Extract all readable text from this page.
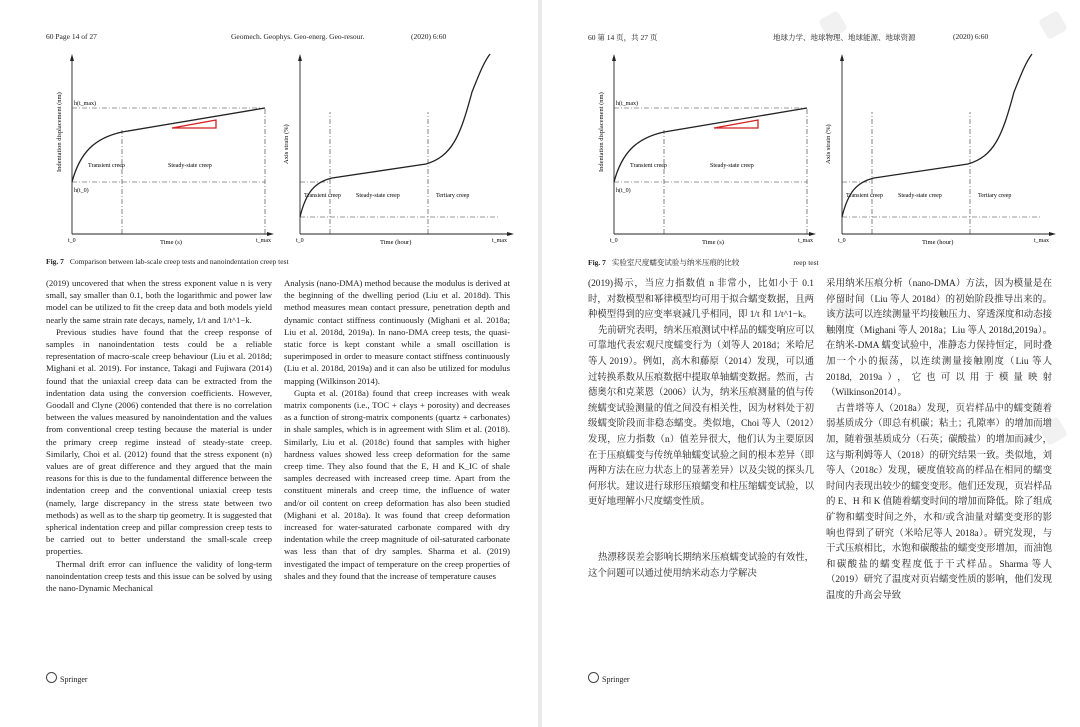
60 Page 14 of 27	Geomech. Geophys. Geo-energ. Geo-resour.	(2020) 6:60
Indentation displacement (nm) h(t_max)
h(t_0)
Transient creep	Steady-state creep
Time (s)
t_0	t_max
Axis strain (%)
Transient creep	Steady-state creep	Tertiary creep
Time (hour)
t_0	t_max
Fig. 7 Comparison between lab-scale creep tests and nanoindentation creep test

(2019) uncovered that when the stress exponent value n is very small, say smaller than 0.1, both the logarithmic and power law model can be utilized to fit the creep data and both models yield nearly the same strain rate decays, namely, 1/t and 1/t^1−k.

Previous studies have found that the creep response of samples in nanoindentation tests could be a reliable representation of macro-scale creep behaviour (Liu et al. 2018d; Mighani et al. 2019). For instance, Takagi and Fujiwara (2014) found that the uniaxial creep data can be extracted from the indentation data using the conversion coefficients. However, Goodall and Clyne (2006) contended that there is no correlation between the values measured by nanoindentation and the values from conventional creep testing because the material is under the primary creep regime instead of steady-state creep. Similarly, Choi et al. (2012) found that the stress exponent (n) values are of great difference and they argued that the main reasons for this is due to the fundamental difference between the indentation creep and the conventional uniaxial creep tests (namely, large discrepancy in the stress state between two methods) as well as to the sharp tip geometry. It is suggested that spherical indentation creep and pillar compression creep tests to be carried out to better understand the small-scale creep properties.

Thermal drift error can influence the validity of long-term nanoindentation creep tests and this issue can be solved by using the nano-Dynamic Mechanical

Analysis (nano-DMA) method because the modulus is derived at the beginning of the dwelling period (Liu et al. 2018d). This method measures mean contact pressure, penetration depth and dynamic contact stiffness continuously (Mighani et al. 2018a; Liu et al. 2018d, 2019a). In nano-DMA creep tests, the quasi-static force is kept constant while a small oscillation is superimposed in order to measure contact stiffness continuously (Liu et al. 2018d, 2019a) and it can also be utilized for modulus mapping (Wilkinson 2014).

Gupta et al. (2018a) found that creep increases with weak matrix components (i.e., TOC + clays + porosity) and decreases as a function of strong-matrix components (quartz + carbonates) in shale samples, which is in agreement with Slim et al. (2018). Similarly, Liu et al. (2018c) found that samples with higher hardness values showed less creep deformation for the same creep time. They also found that the E, H and K_IC of shale samples decreased with increased creep time. Apart from the constituent minerals and creep time, the influence of water and/or oil content on creep deformation has also been studied (Mighani et al. 2018a). It was found that creep deformation increased for water-saturated carbonate compared with dry indentation while the creep magnitude of oil-saturated carbonate was less than that of dry samples. Sharma et al. (2019) investigated the impact of temperature on the creep properties of shales and they found that the increase of temperature causes

Springer
60 第 14 页，共 27 页	地球力学、地球物理、地球能源、地球资源	(2020) 6:60
Indentation displacement (nm) h(t_max)
h(t_0)
Transient creep	Steady-state creep
Time (s)
t_0	t_max
Axis strain (%)
Transient creep	Steady-state creep	Tertiary creep
Time (hour)
t_0	t_max
Fig. 7 实验室尺度蠕变试验与纳米压痕的比较	reep test

(2019)揭示，当应力指数值 n 非常小，比如小于 0.1 时，对数模型和幂律模型均可用于拟合蠕变数据，且两种模型得到的应变率衰减几乎相同，即 1/t 和 1/t^1−k。

先前研究表明，纳米压痕测试中样品的蠕变响应可以可靠地代表宏观尺度蠕变行为（刘等人 2018d；米哈尼等人 2019）。例如，高木和藤原（2014）发现，可以通过转换系数从压痕数据中提取单轴蠕变数据。然而，古德奥尔和克莱恩（2006）认为，纳米压痕测量的值与传统蠕变试验测量的值之间没有相关性，因为材料处于初级蠕变阶段而非稳态蠕变。类似地，Choi 等人（2012）发现，应力指数（n）值差异很大，他们认为主要原因在于压痕蠕变与传统单轴蠕变试验之间的根本差异（即两种方法在应力状态上的显著差异）以及尖锐的探头几何形状。建议进行球形压痕蠕变和柱压缩蠕变试验，以更好地理解小尺度蠕变性质。

热漂移误差会影响长期纳米压痕蠕变试验的有效性，这个问题可以通过使用纳米动态力学解决

采用纳米压痕分析（nano-DMA）方法，因为模量是在停留时间（Liu 等人 2018d）的初始阶段推导出来的。该方法可以连续测量平均接触压力、穿透深度和动态接触刚度（Mighani 等人 2018a；Liu 等人 2018d,2019a）。在纳米-DMA 蠕变试验中，准静态力保持恒定，同时叠加一个小的振荡，以连续测量接触刚度（Liu 等人 2018d, 2019a），它也可以用于模量映射（Wilkinson2014）。

古普塔等人（2018a）发现，页岩样品中的蠕变随着弱基质成分（即总有机碳；粘土；孔隙率）的增加而增加，随着强基质成分（石英；碳酸盐）的增加而减少，这与斯利姆等人（2018）的研究结果一致。类似地，刘等人（2018c）发现，硬度值较高的样品在相同的蠕变时间内表现出较少的蠕变变形。他们还发现，页岩样品的 E、H 和 K 值随着蠕变时间的增加而降低。除了组成矿物和蠕变时间之外，水和/或含油量对蠕变变形的影响也得到了研究（米哈尼等人 2018a）。研究发现，与干式压痕相比，水饱和碳酸盐的蠕变变形增加，而油饱和碳酸盐的蠕变程度低于干式样品。Sharma 等人（2019）研究了温度对页岩蠕变性质的影响，他们发现温度的升高会导致

Springer
